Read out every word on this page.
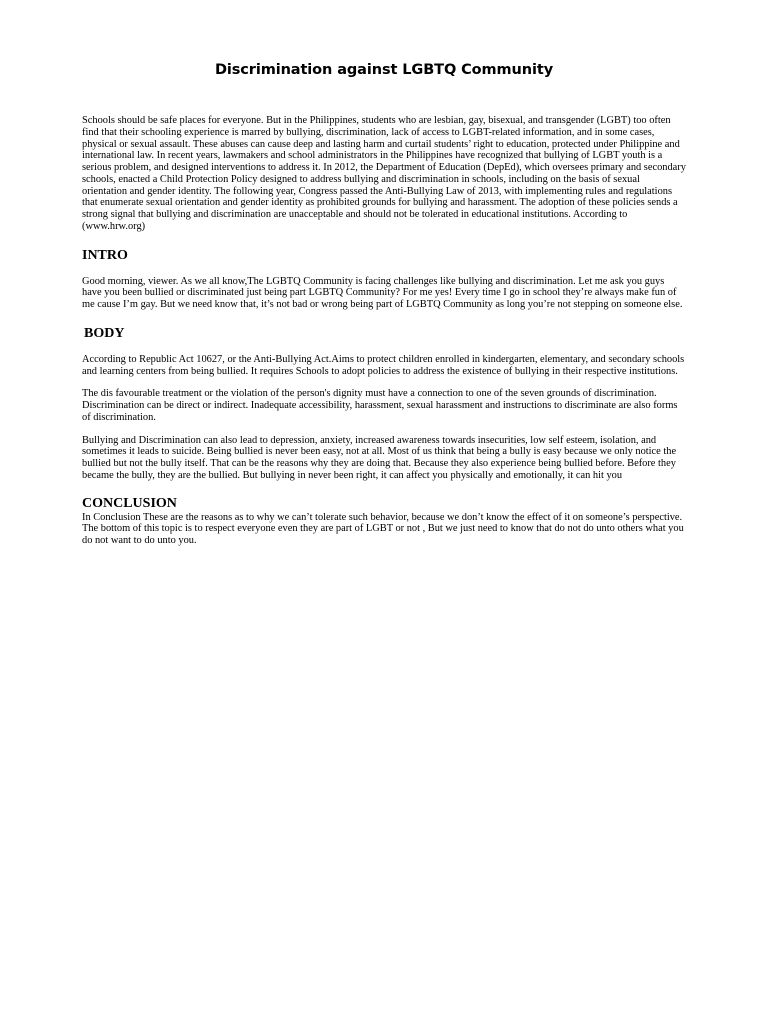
Discrimination against LGBTQ Community

Schools should be safe places for everyone. But in the Philippines, students who are lesbian, gay, bisexual, and transgender (LGBT) too often find that their schooling experience is marred by bullying, discrimination, lack of access to LGBT-related information, and in some cases, physical or sexual assault. These abuses can cause deep and lasting harm and curtail students’ right to education, protected under Philippine and international law. In recent years, lawmakers and school administrators in the Philippines have recognized that bullying of LGBT youth is a serious problem, and designed interventions to address it. In 2012, the Department of Education (DepEd), which oversees primary and secondary schools, enacted a Child Protection Policy designed to address bullying and discrimination in schools, including on the basis of sexual orientation and gender identity. The following year, Congress passed the Anti-Bullying Law of 2013, with implementing rules and regulations that enumerate sexual orientation and gender identity as prohibited grounds for bullying and harassment. The adoption of these policies sends a strong signal that bullying and discrimination are unacceptable and should not be tolerated in educational institutions. According to (www.hrw.org)

INTRO

Good morning, viewer. As we all know,The LGBTQ Community is facing challenges like bullying and discrimination. Let me ask you guys have you been bullied or discriminated just being part LGBTQ Community? For me yes! Every time I go in school they’re always make fun of me cause I’m gay. But we need know that, it’s not bad or wrong being part of LGBTQ Community as long you’re not stepping on someone else.

BODY

According to Republic Act 10627, or the Anti-Bullying Act.Aims to protect children enrolled in kindergarten, elementary, and secondary schools and learning centers from being bullied. It requires Schools to adopt policies to address the existence of bullying in their respective institutions.

The dis favourable treatment or the violation of the person's dignity must have a connection to one of the seven grounds of discrimination. Discrimination can be direct or indirect. Inadequate accessibility, harassment, sexual harassment and instructions to discriminate are also forms of discrimination.

Bullying and Discrimination can also lead to depression, anxiety, increased awareness towards insecurities, low self esteem, isolation, and sometimes it leads to suicide. Being bullied is never been easy, not at all. Most of us think that being a bully is easy because we only notice the bullied but not the bully itself. That can be the reasons why they are doing that. Because they also experience being bullied before. Before they became the bully, they are the bullied. But bullying in never been right, it can affect you physically and emotionally, it can hit you

CONCLUSION

In Conclusion These are the reasons as to why we can’t tolerate such behavior, because we don’t know the effect of it on someone’s perspective. The bottom of this topic is to respect everyone even they are part of LGBT or not , But we just need to know that do not do unto others what you do not want to do unto you.
